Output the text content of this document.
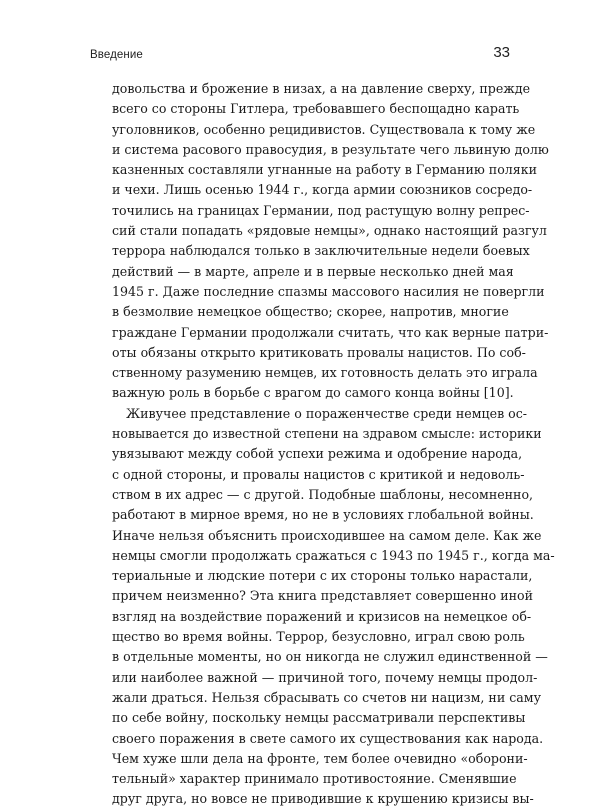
Введение	33
довольства и брожение в низах, а на давление сверху, прежде
всего со стороны Гитлера, требовавшего беспощадно карать
уголовников, особенно рецидивистов. Существовала к тому же
и система расового правосудия, в результате чего львиную долю
казненных составляли угнанные на работу в Германию поляки
и чехи. Лишь осенью 1944 г., когда армии союзников сосредо-
точились на границах Германии, под растущую волну репрес-
сий стали попадать «рядовые немцы», однако настоящий разгул
террора наблюдался только в заключительные недели боевых
действий — в марте, апреле и в первые несколько дней мая
1945 г. Даже последние спазмы массового насилия не повергли
в безмолвие немецкое общество; скорее, напротив, многие
граждане Германии продолжали считать, что как верные патри-
оты обязаны открыто критиковать провалы нацистов. По соб-
ственному разумению немцев, их готовность делать это играла
важную роль в борьбе с врагом до самого конца войны [10].
Живучее представление о пораженчестве среди немцев ос-
новывается до известной степени на здравом смысле: историки
увязывают между собой успехи режима и одобрение народа,
с одной стороны, и провалы нацистов с критикой и недоволь-
ством в их адрес — с другой. Подобные шаблоны, несомненно,
работают в мирное время, но не в условиях глобальной войны.
Иначе нельзя объяснить происходившее на самом деле. Как же
немцы смогли продолжать сражаться с 1943 по 1945 г., когда ма-
териальные и людские потери с их стороны только нарастали,
причем неизменно? Эта книга представляет совершенно иной
взгляд на воздействие поражений и кризисов на немецкое об-
щество во время войны. Террор, безусловно, играл свою роль
в отдельные моменты, но он никогда не служил единственной —
или наиболее важной — причиной того, почему немцы продол-
жали драться. Нельзя сбрасывать со счетов ни нацизм, ни саму
по себе войну, поскольку немцы рассматривали перспективы
своего поражения в свете самого их существования как народа.
Чем хуже шли дела на фронте, тем более очевидно «оборони-
тельный» характер принимало противостояние. Сменявшие
друг друга, но вовсе не приводившие к крушению кризисы вы-
